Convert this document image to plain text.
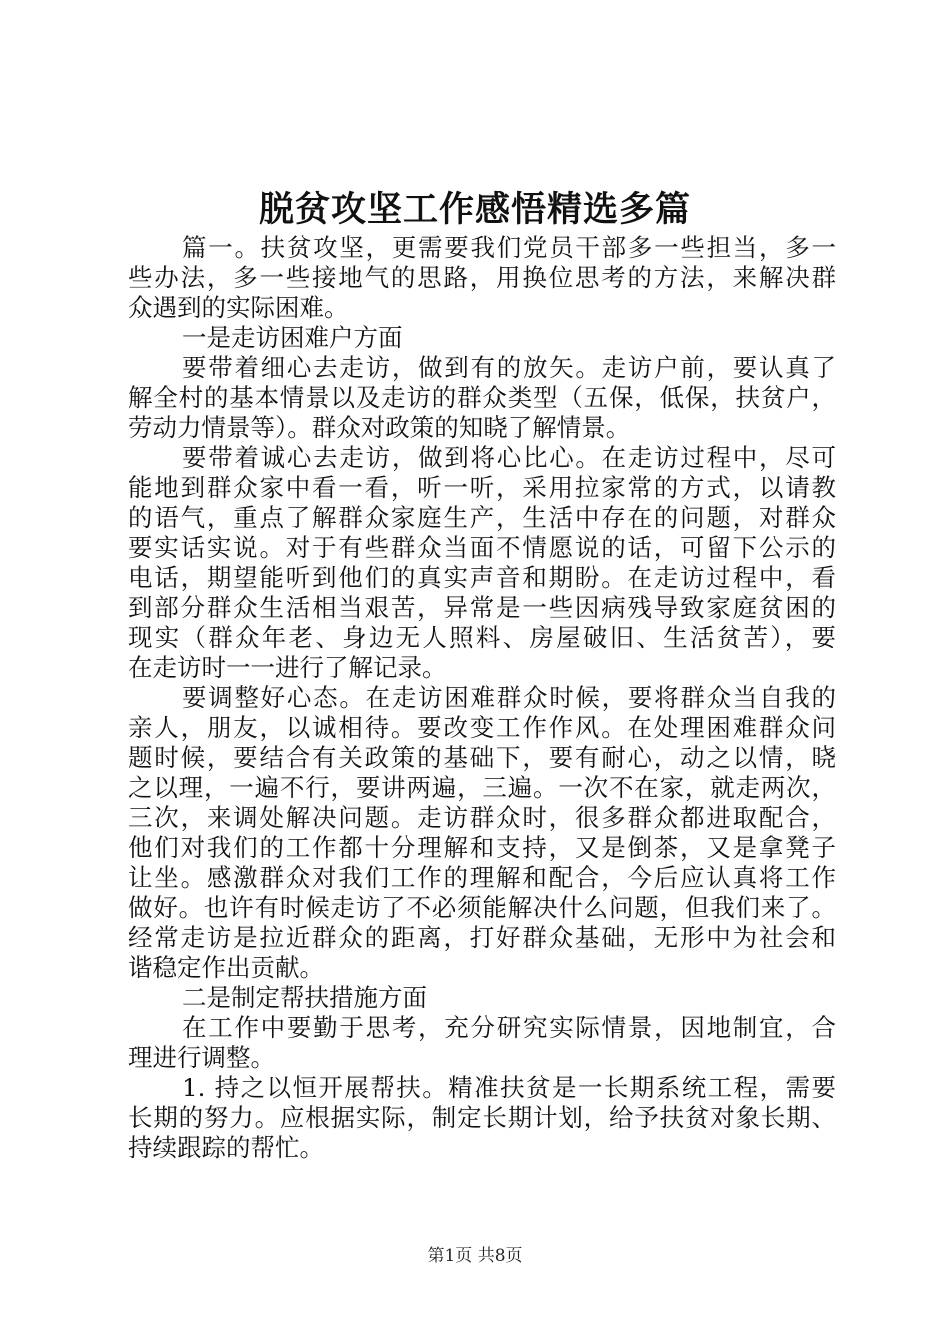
脱贫攻坚工作感悟精选多篇
篇一。扶贫攻坚，更需要我们党员干部多一些担当，多一
些办法，多一些接地气的思路，用换位思考的方法，来解决群
众遇到的实际困难。
一是走访困难户方面
要带着细心去走访，做到有的放矢。走访户前，要认真了
解全村的基本情景以及走访的群众类型（五保，低保，扶贫户，
劳动力情景等）。群众对政策的知晓了解情景。
要带着诚心去走访，做到将心比心。在走访过程中，尽可
能地到群众家中看一看，听一听，采用拉家常的方式，以请教
的语气，重点了解群众家庭生产，生活中存在的问题，对群众
要实话实说。对于有些群众当面不情愿说的话，可留下公示的
电话，期望能听到他们的真实声音和期盼。在走访过程中，看
到部分群众生活相当艰苦，异常是一些因病残导致家庭贫困的
现实（群众年老、身边无人照料、房屋破旧、生活贫苦），要
在走访时一一进行了解记录。
要调整好心态。在走访困难群众时候，要将群众当自我的
亲人，朋友，以诚相待。要改变工作作风。在处理困难群众问
题时候，要结合有关政策的基础下，要有耐心，动之以情，晓
之以理，一遍不行，要讲两遍，三遍。一次不在家，就走两次，
三次，来调处解决问题。走访群众时，很多群众都进取配合，
他们对我们的工作都十分理解和支持，又是倒茶，又是拿凳子
让坐。感激群众对我们工作的理解和配合，今后应认真将工作
做好。也许有时候走访了不必须能解决什么问题，但我们来了。
经常走访是拉近群众的距离，打好群众基础，无形中为社会和
谐稳定作出贡献。
二是制定帮扶措施方面
在工作中要勤于思考，充分研究实际情景，因地制宜，合
理进行调整。
1. 持之以恒开展帮扶。精准扶贫是一长期系统工程，需要
长期的努力。应根据实际，制定长期计划，给予扶贫对象长期、
持续跟踪的帮忙。
第1页 共8页
